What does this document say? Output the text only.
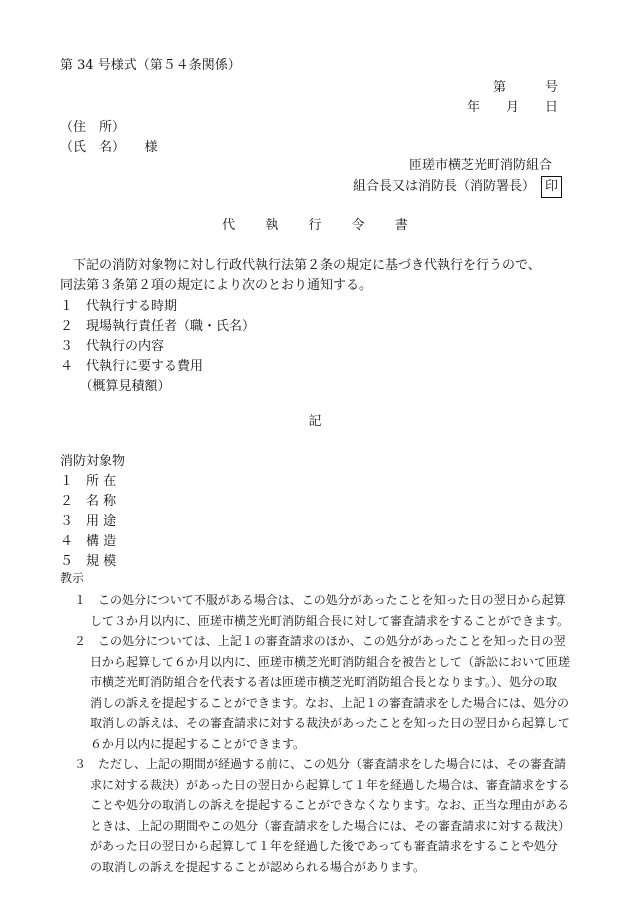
第 34 号様式（第５４条関係）
第　　　号
年　　月　　日
（住　所）
（氏　名）　　様
匝瑳市横芝光町消防組合
組合長又は消防長（消防署長） 印
代 執 行 令 書
　下記の消防対象物に対し行政代執行法第２条の規定に基づき代執行を行うので、
同法第３条第２項の規定により次のとおり通知する。
１　代執行する時期
２　現場執行責任者（職・氏名）
３　代執行の内容
４　代執行に要する費用
　　（概算見積額）
記
消防対象物
１　所 在
２　名 称
３　用 途
４　構 造
５　規 模
教示
１　 この処分について不服がある場合は、この処分があったことを知った日の翌日から起算
して３か月以内に、匝瑳市横芝光町消防組合長に対して審査請求をすることができます。
２　 この処分については、上記１の審査請求のほか、この処分があったことを知った日の翌
日から起算して６か月以内に、匝瑳市横芝光町消防組合を被告として（訴訟において匝瑳
市横芝光町消防組合を代表する者は匝瑳市横芝光町消防組合長となります。）、処分の取
消しの訴えを提起することができます。なお、上記１の審査請求をした場合には、処分の
取消しの訴えは、その審査請求に対する裁決があったことを知った日の翌日から起算して
６か月以内に提起することができます。
３　 ただし、上記の期間が経過する前に、この処分（審査請求をした場合には、その審査請
求に対する裁決）があった日の翌日から起算して１年を経過した場合は、審査請求をする
ことや処分の取消しの訴えを提起することができなくなります。なお、正当な理由がある
ときは、上記の期間やこの処分（審査請求をした場合には、その審査請求に対する裁決）
があった日の翌日から起算して１年を経過した後であっても審査請求をすることや処分
の取消しの訴えを提起することが認められる場合があります。
